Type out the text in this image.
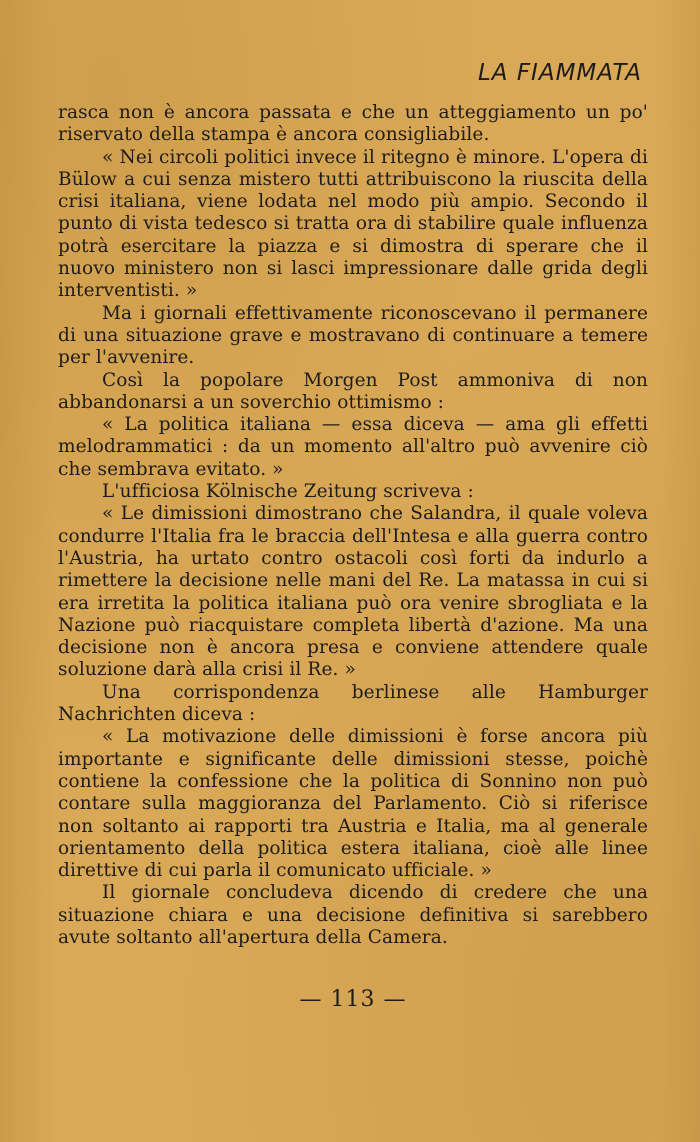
LA FIAMMATA

rasca non è ancora passata e che un atteggiamento un po' riservato della stampa è ancora consigliabile.

« Nei circoli politici invece il ritegno è minore. L'opera di Bülow a cui senza mistero tutti attribuiscono la riuscita della crisi italiana, viene lodata nel modo più ampio. Secondo il punto di vista tedesco si tratta ora di stabilire quale influenza potrà esercitare la piazza e si dimostra di sperare che il nuovo ministero non si lasci impressionare dalle grida degli interventisti. »

Ma i giornali effettivamente riconoscevano il permanere di una situazione grave e mostravano di continuare a temere per l'avvenire.

Così la popolare Morgen Post ammoniva di non abbandonarsi a un soverchio ottimismo :

« La politica italiana — essa diceva — ama gli effetti melodrammatici : da un momento all'altro può avvenire ciò che sembrava evitato. »

L'ufficiosa Kölnische Zeitung scriveva :

« Le dimissioni dimostrano che Salandra, il quale voleva condurre l'Italia fra le braccia dell'Intesa e alla guerra contro l'Austria, ha urtato contro ostacoli così forti da indurlo a rimettere la decisione nelle mani del Re. La matassa in cui si era irretita la politica italiana può ora venire sbrogliata e la Nazione può riacquistare completa libertà d'azione. Ma una decisione non è ancora presa e conviene attendere quale soluzione darà alla crisi il Re. »

Una corrispondenza berlinese alle Hamburger Nachrichten diceva :

« La motivazione delle dimissioni è forse ancora più importante e significante delle dimissioni stesse, poichè contiene la confessione che la politica di Sonnino non può contare sulla maggioranza del Parlamento. Ciò si riferisce non soltanto ai rapporti tra Austria e Italia, ma al generale orientamento della politica estera italiana, cioè alle linee direttive di cui parla il comunicato ufficiale. »

Il giornale concludeva dicendo di credere che una situazione chiara e una decisione definitiva si sarebbero avute soltanto all'apertura della Camera.

— 113 —
